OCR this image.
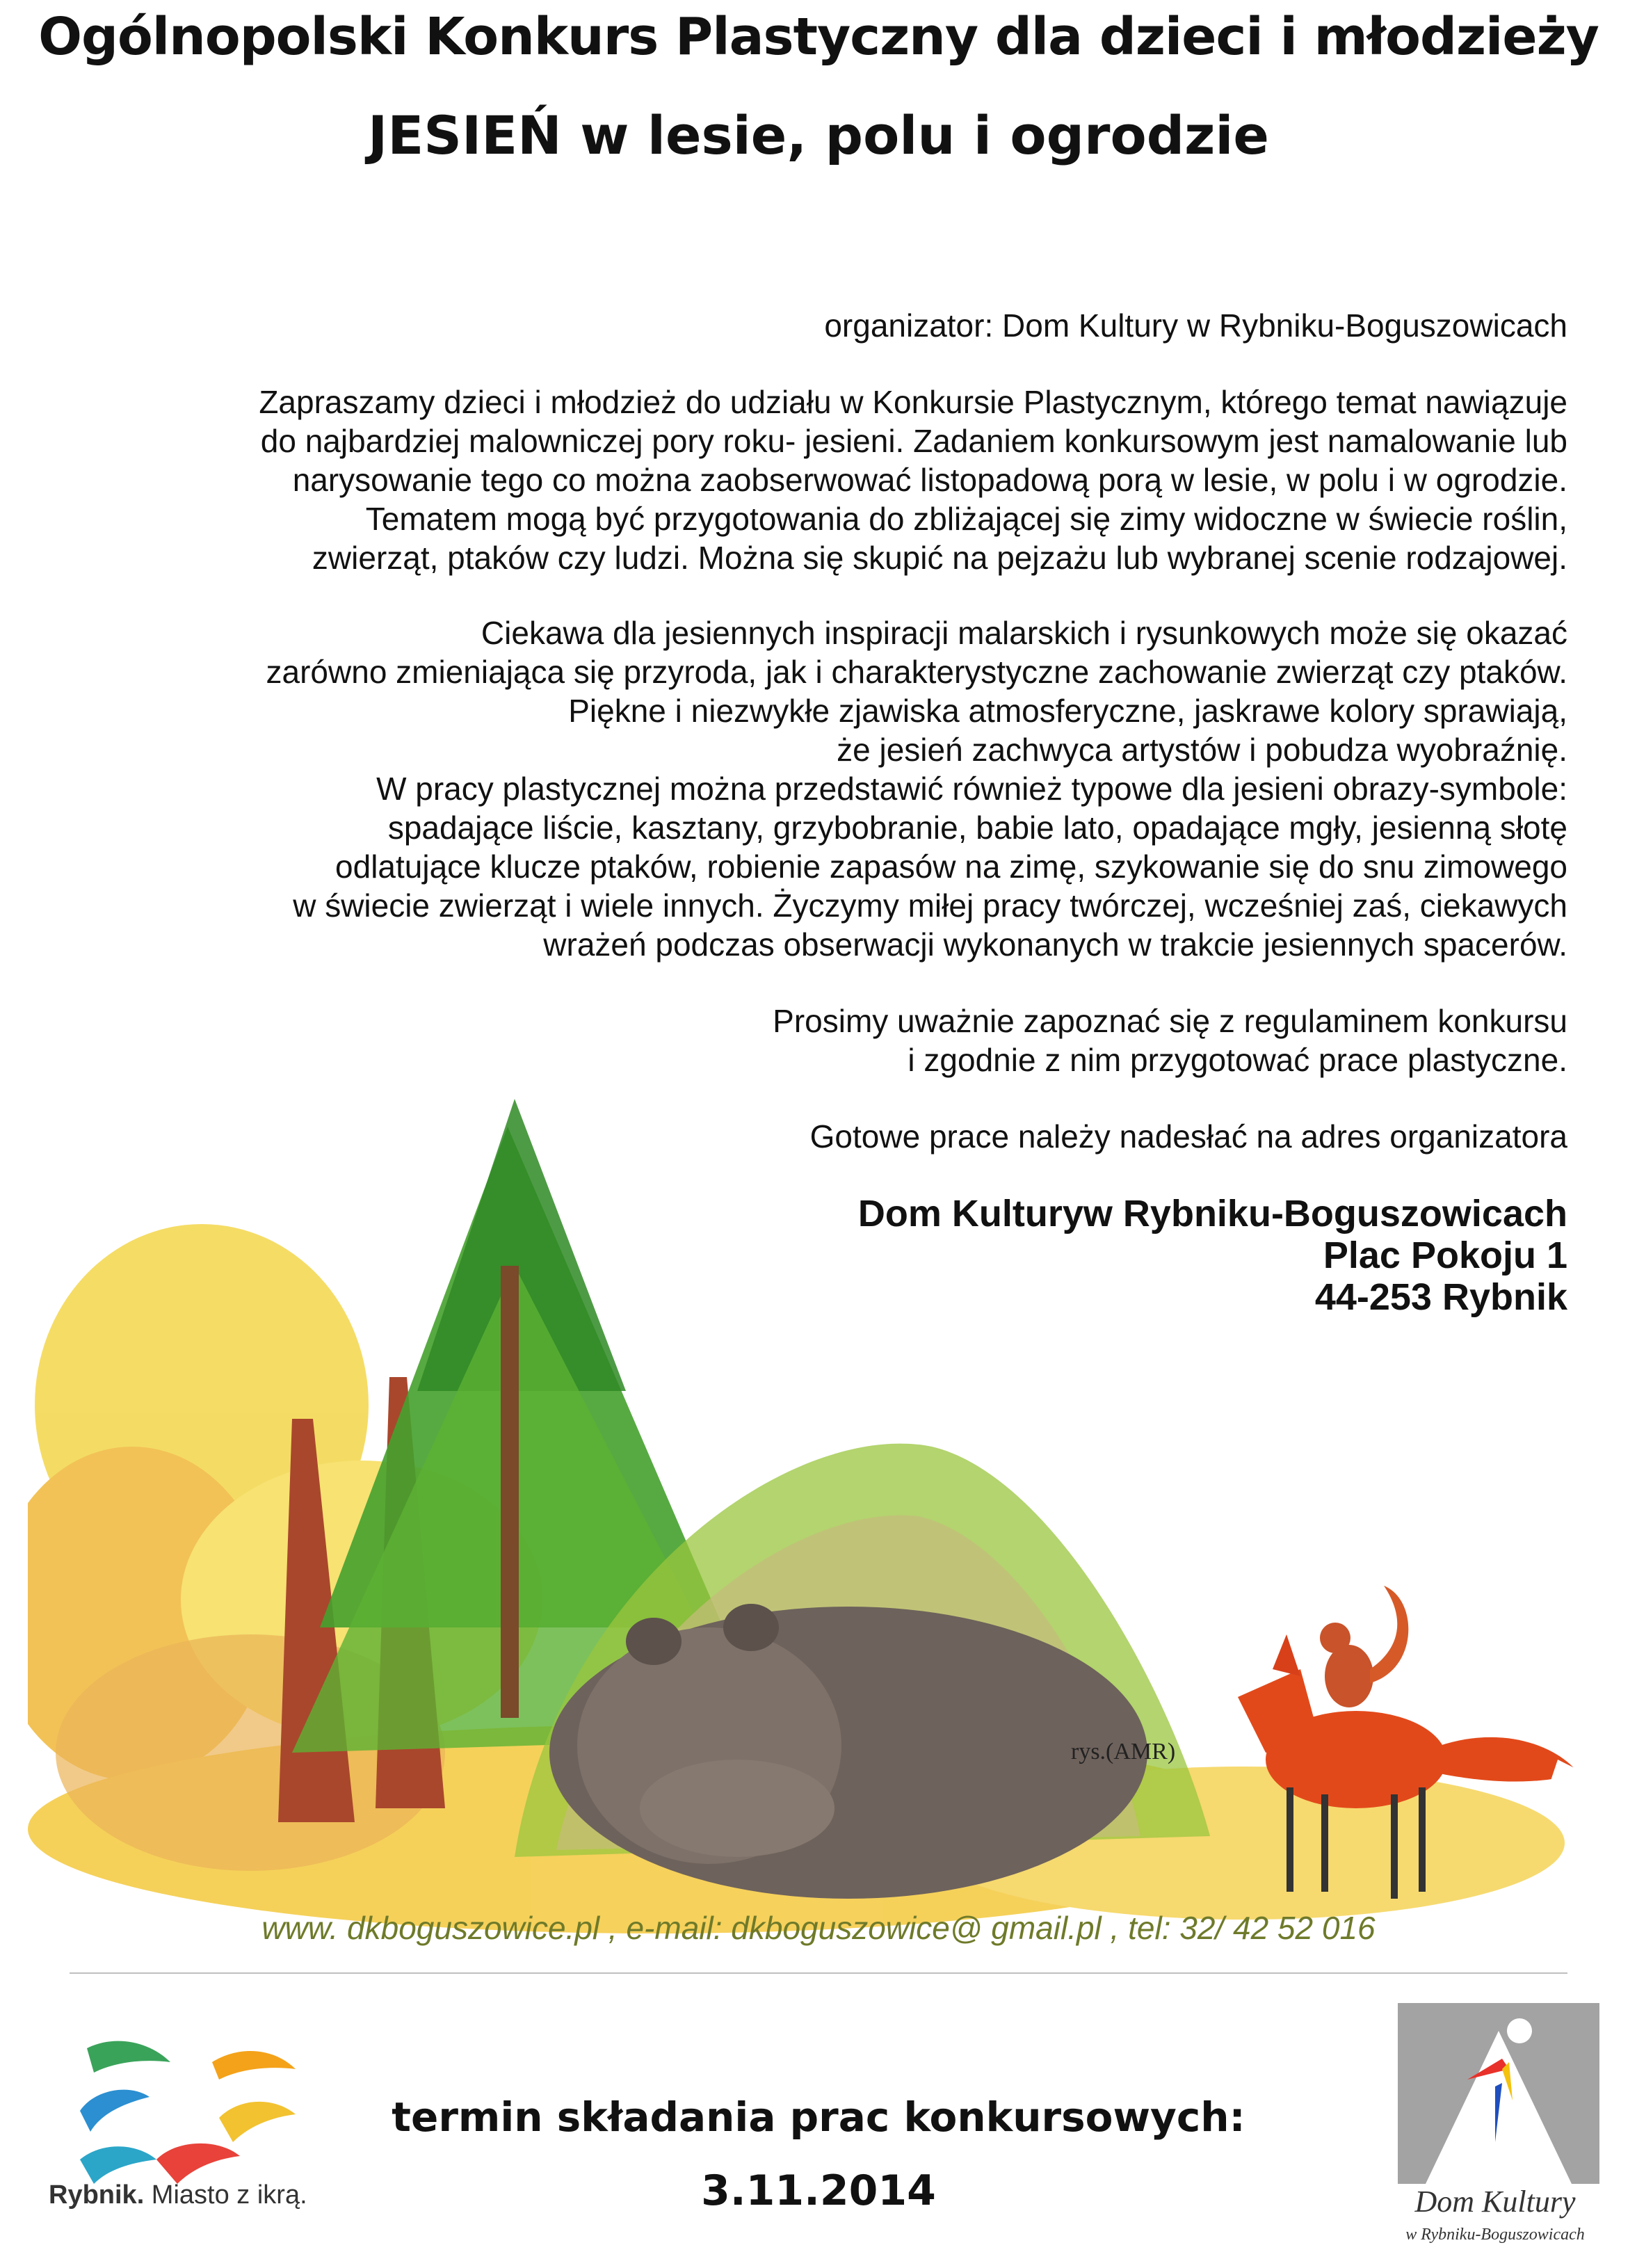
Ogólnopolski Konkurs Plastyczny dla dzieci i młodzieży
JESIEŃ w lesie, polu i ogrodzie
organizator: Dom Kultury w Rybniku-Boguszowicach
Zapraszamy dzieci i młodzież do udziału w Konkursie Plastycznym, którego temat nawiązuje
do najbardziej malowniczej pory roku- jesieni. Zadaniem konkursowym jest namalowanie lub
narysowanie tego co można zaobserwować listopadową porą w lesie, w polu i w ogrodzie.
Tematem mogą być przygotowania do zbliżającej się zimy widoczne w świecie roślin,
zwierząt, ptaków czy ludzi. Można się skupić na pejzażu lub wybranej scenie rodzajowej.
Ciekawa dla jesiennych inspiracji malarskich i rysunkowych może się okazać
zarówno zmieniająca się przyroda, jak i charakterystyczne zachowanie zwierząt czy ptaków.
Piękne i niezwykłe zjawiska atmosferyczne, jaskrawe kolory sprawiają,
że jesień zachwyca artystów i pobudza wyobraźnię.
W pracy plastycznej można przedstawić również typowe dla jesieni obrazy-symbole:
spadające liście, kasztany, grzybobranie, babie lato, opadające mgły, jesienną słotę
odlatujące klucze ptaków, robienie zapasów na zimę, szykowanie się do snu zimowego
w świecie zwierząt i wiele innych. Życzymy miłej pracy twórczej, wcześniej zaś, ciekawych
wrażeń podczas obserwacji wykonanych w trakcie jesiennych spacerów.
Prosimy uważnie zapoznać się z regulaminem konkursu
i zgodnie z nim przygotować prace plastyczne.
Gotowe prace należy nadesłać na adres organizatora
Dom Kulturyw Rybniku-Boguszowicach
Plac Pokoju 1
44-253 Rybnik
rys.(AMR)
www. dkboguszowice.pl , e-mail: dkboguszowice@ gmail.pl , tel: 32/ 42 52 016
Rybnik. Miasto z ikrą.
termin składania prac konkursowych:
3.11.2014	Dom Kultury
w Rybniku-Boguszowicach
